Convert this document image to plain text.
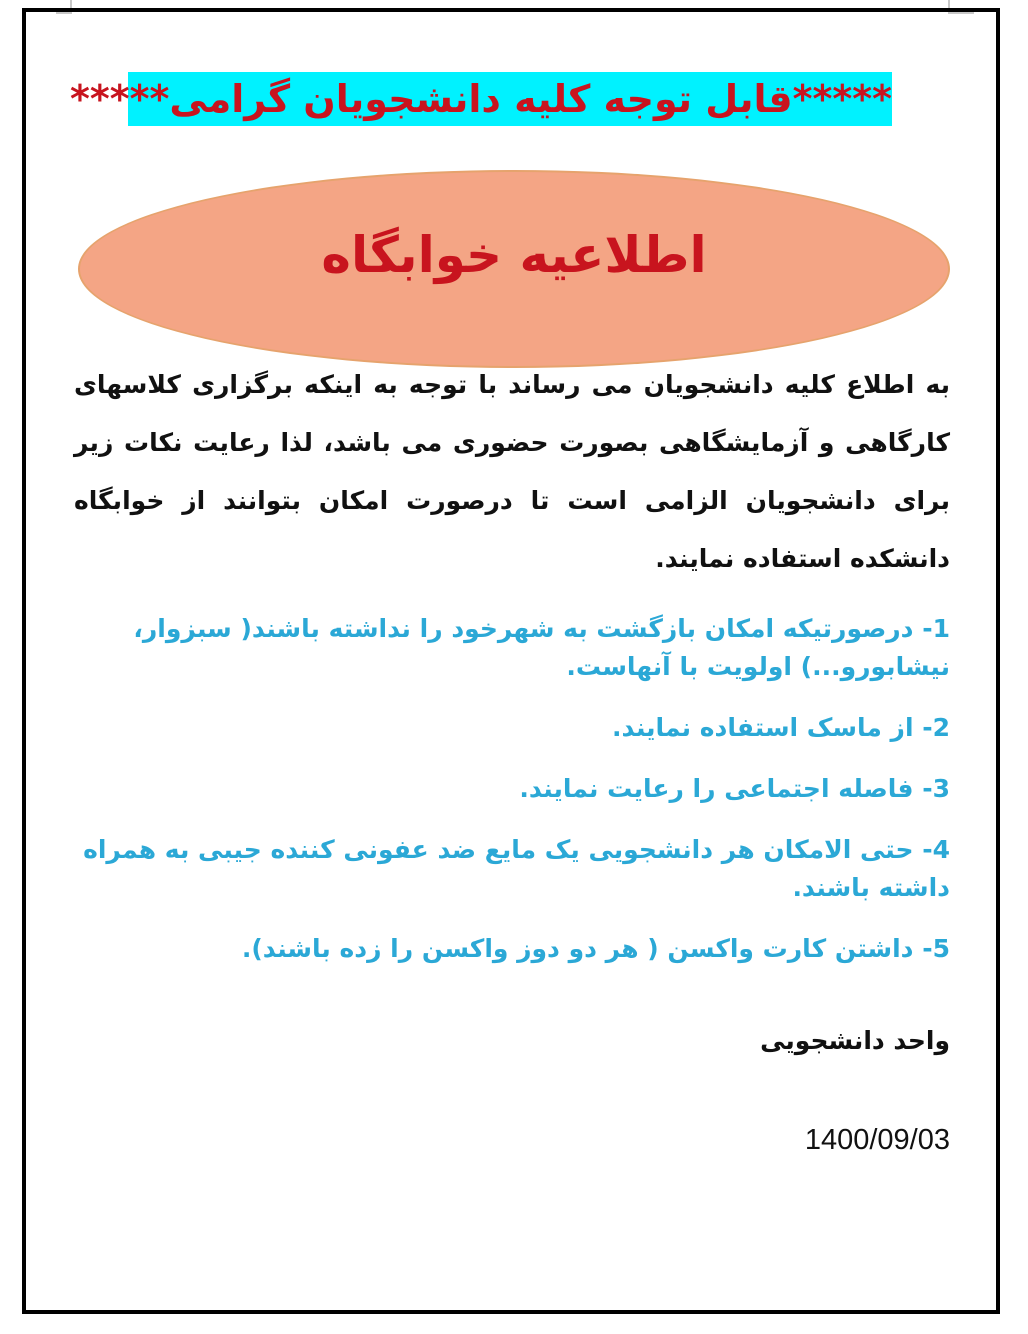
*****قابل توجه کلیه دانشجویان گرامی*****
اطلاعیه خوابگاه
به اطلاع کلیه دانشجویان می رساند با توجه به اینکه برگزاری کلاسهای کارگاهی و آزمایشگاهی بصورت حضوری می باشد، لذا رعایت نکات زیر برای دانشجویان الزامی است تا درصورت امکان بتوانند از خوابگاه دانشکده استفاده نمایند.
1- درصورتیکه امکان بازگشت به شهرخود را نداشته باشند( سبزوار، نیشابورو...) اولویت با آنهاست.
2- از ماسک استفاده نمایند.
3- فاصله اجتماعی را رعایت نمایند.
4- حتی الامکان هر دانشجویی یک مایع ضد عفونی کننده جیبی به همراه داشته باشند.
5- داشتن کارت واکسن ( هر دو دوز واکسن را زده باشند).
واحد دانشجویی
1400/09/03
